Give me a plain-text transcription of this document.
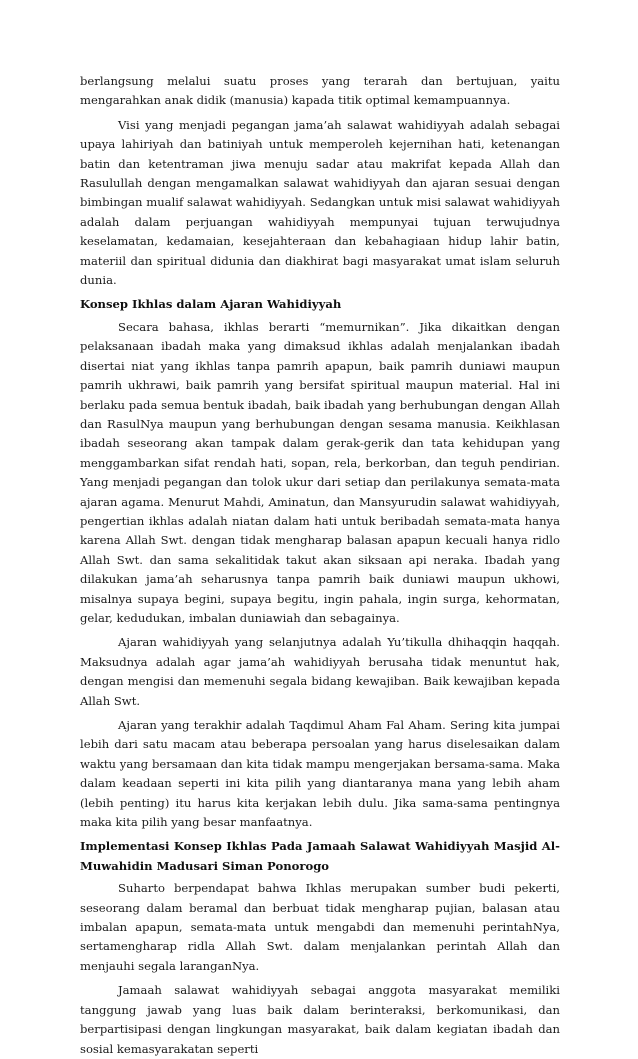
berlangsung melalui suatu proses yang terarah dan bertujuan, yaitu mengarahkan anak didik (manusia) kapada titik optimal kemampuannya.

Visi yang menjadi pegangan jama’ah salawat wahidiyyah adalah sebagai upaya lahiriyah dan batiniyah untuk memperoleh kejernihan hati, ketenangan batin dan ketentraman jiwa menuju sadar atau makrifat kepada Allah dan Rasulullah dengan mengamalkan salawat wahidiyyah dan ajaran sesuai dengan bimbingan mualif salawat wahidiyyah. Sedangkan untuk misi salawat wahidiyyah adalah dalam perjuangan wahidiyyah mempunyai tujuan terwujudnya keselamatan, kedamaian, kesejahteraan dan kebahagiaan hidup lahir batin, materiil dan spiritual didunia dan diakhirat bagi masyarakat umat islam seluruh dunia.

Konsep Ikhlas dalam Ajaran Wahidiyyah

Secara bahasa, ikhlas berarti “memurnikan”. Jika dikaitkan dengan pelaksanaan ibadah maka yang dimaksud ikhlas adalah menjalankan ibadah disertai niat yang ikhlas tanpa pamrih apapun, baik pamrih duniawi maupun pamrih ukhrawi, baik pamrih yang bersifat spiritual maupun material. Hal ini berlaku pada semua bentuk ibadah, baik ibadah yang berhubungan dengan Allah dan RasulNya maupun yang berhubungan dengan sesama manusia. Keikhlasan ibadah seseorang akan tampak dalam gerak-gerik dan tata kehidupan yang menggambarkan sifat rendah hati, sopan, rela, berkorban, dan teguh pendirian. Yang menjadi pegangan dan tolok ukur dari setiap dan perilakunya semata-mata ajaran agama. Menurut Mahdi, Aminatun, dan Mansyurudin salawat wahidiyyah, pengertian ikhlas adalah niatan dalam hati untuk beribadah semata-mata hanya karena Allah Swt. dengan tidak mengharap balasan apapun kecuali hanya ridlo Allah Swt. dan sama sekalitidak takut akan siksaan api neraka. Ibadah yang dilakukan jama’ah seharusnya tanpa pamrih baik duniawi maupun ukhowi, misalnya supaya begini, supaya begitu, ingin pahala, ingin surga, kehormatan, gelar, kedudukan, imbalan duniawiah dan sebagainya.

Ajaran wahidiyyah yang selanjutnya adalah Yu’tikulla dhihaqqin haqqah. Maksudnya adalah agar jama’ah wahidiyyah berusaha tidak menuntut hak, dengan mengisi dan memenuhi segala bidang kewajiban. Baik kewajiban kepada Allah Swt.

Ajaran yang terakhir adalah Taqdimul Aham Fal Aham. Sering kita jumpai lebih dari satu macam atau beberapa persoalan yang harus diselesaikan dalam waktu yang bersamaan dan kita tidak mampu mengerjakan bersama-sama. Maka dalam keadaan seperti ini kita pilih yang diantaranya mana yang lebih aham (lebih penting) itu harus kita kerjakan lebih dulu. Jika sama-sama pentingnya maka kita pilih yang besar manfaatnya.

Implementasi Konsep Ikhlas Pada Jamaah Salawat Wahidiyyah Masjid Al-Muwahidin Madusari Siman Ponorogo

Suharto berpendapat bahwa Ikhlas merupakan sumber budi pekerti, seseorang dalam beramal dan berbuat tidak mengharap pujian, balasan atau imbalan apapun, semata-mata untuk mengabdi dan memenuhi perintahNya, sertamengharap ridla Allah Swt. dalam menjalankan perintah Allah dan menjauhi segala laranganNya.

Jamaah salawat wahidiyyah sebagai anggota masyarakat memiliki tanggung jawab yang luas baik dalam berinteraksi, berkomunikasi, dan berpartisipasi dengan lingkungan masyarakat, baik dalam kegiatan ibadah dan sosial kemasyarakatan seperti
